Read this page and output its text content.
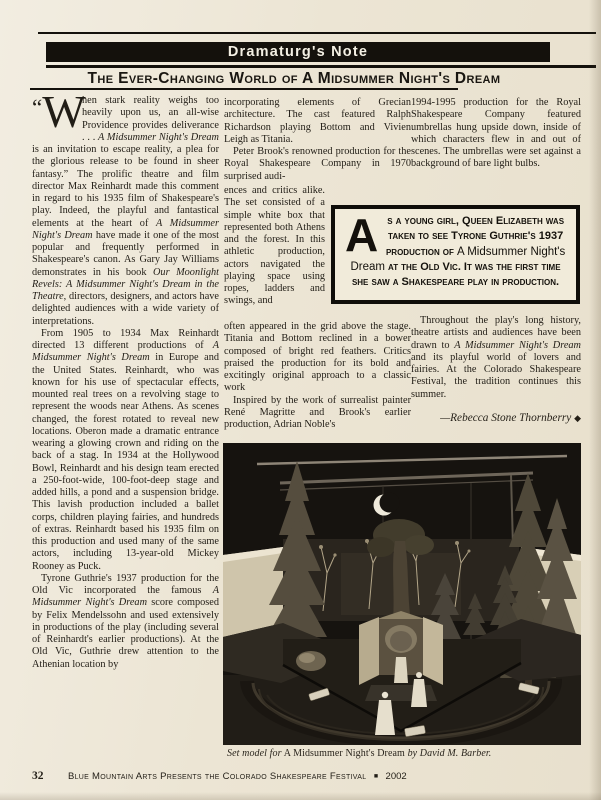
Dramaturg's Note
The Ever-Changing World of A Midsummer Night's Dream

“W
hen stark reality weighs too heavily upon us, an all-wise Providence provides deliverance . . . A Midsummer Night's Dream is an invitation to escape reality, a plea for the glorious release to be found in sheer fantasy.” The prolific theatre and film director Max Reinhardt made this comment in regard to his 1935 film of Shakespeare's play. Indeed, the playful and fantastical elements at the heart of A Midsummer Night's Dream have made it one of the most popular and frequently performed in Shakespeare's canon. As Gary Jay Williams demonstrates in his book Our Moonlight Revels: A Midsummer Night's Dream in the Theatre, directors, designers, and actors have delighted audiences with a wide variety of interpretations.

From 1905 to 1934 Max Reinhardt directed 13 different productions of A Midsummer Night's Dream in Europe and the United States. Reinhardt, who was known for his use of spectacular effects, mounted real trees on a revolving stage to represent the woods near Athens. As scenes changed, the forest rotated to reveal new locations. Oberon made a dramatic entrance wearing a glowing crown and riding on the back of a stag. In 1934 at the Hollywood Bowl, Reinhardt and his design team erected a 250-foot-wide, 100-foot-deep stage and added hills, a pond and a suspension bridge. This lavish production included a ballet corps, children playing fairies, and hundreds of extras. Reinhardt based his 1935 film on this production and used many of the same actors, including 13-year-old Mickey Rooney as Puck.

Tyrone Guthrie's 1937 production for the Old Vic incorporated the famous A Midsummer Night's Dream score composed by Felix Mendelssohn and used extensively in productions of the play (including several of Reinhardt's earlier productions). At the Old Vic, Guthrie drew attention to the Athenian location by

incorporating elements of Grecian architecture. The cast featured Ralph Richardson playing Bottom and Vivien Leigh as Titania.

Peter Brook's renowned production for the Royal Shakespeare Company in 1970 surprised audi-

ences and critics alike. The set consisted of a simple white box that represented both Athens and the forest. In this athletic production, actors navigated the playing space using ropes, ladders and swings, and

often appeared in the grid above the stage. Titania and Bottom reclined in a bower composed of bright red feathers. Critics praised the production for its bold and excitingly original approach to a classic work

Inspired by the work of surrealist painter René Magritte and Brook's earlier production, Adrian Noble's

1994-1995 production for the Royal Shakespeare Company featured umbrellas hung upside down, inside of which characters flew in and out of scenes. The umbrellas were set against a background of bare light bulbs.

As a young girl, Queen Elizabeth was taken to see Tyrone Guthrie's 1937 production of A Midsummer Night's Dream at the Old Vic. It was the first time she saw a Shakespeare play in production.

Throughout the play's long history, theatre artists and audiences have been drawn to A Midsummer Night's Dream and its playful world of lovers and fairies. At the Colorado Shakespeare Festival, the tradition continues this summer.

—Rebecca Stone Thornberry ◆
Set model for A Midsummer Night's Dream by David M. Barber.
32	Blue Mountain Arts Presents the Colorado Shakespeare Festival ■ 2002
